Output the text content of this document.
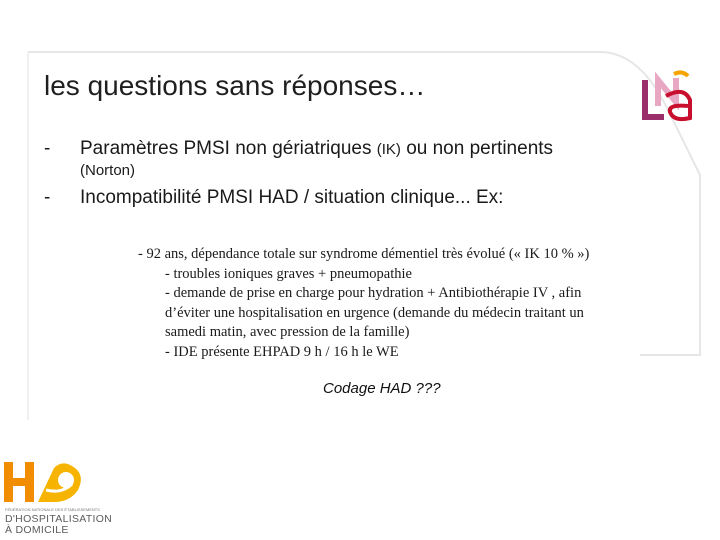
les questions sans réponses…
- Paramètres PMSI non gériatriques (IK) ou non pertinents
(Norton)
- Incompatibilité PMSI HAD / situation clinique... Ex:
- 92 ans, dépendance totale sur syndrome démentiel très évolué (« IK 10 % »)
- troubles ioniques graves + pneumopathie
- demande de prise en charge pour hydration + Antibiothérapie IV , afin
d’éviter une hospitalisation en urgence (demande du médecin traitant un
samedi matin, avec pression de la famille)
- IDE présente EHPAD 9 h / 16 h le WE
Codage HAD ???
FÉDÉRATION NATIONALE DES ÉTABLISSEMENTS
D'HOSPITALISATION
À DOMICILE
